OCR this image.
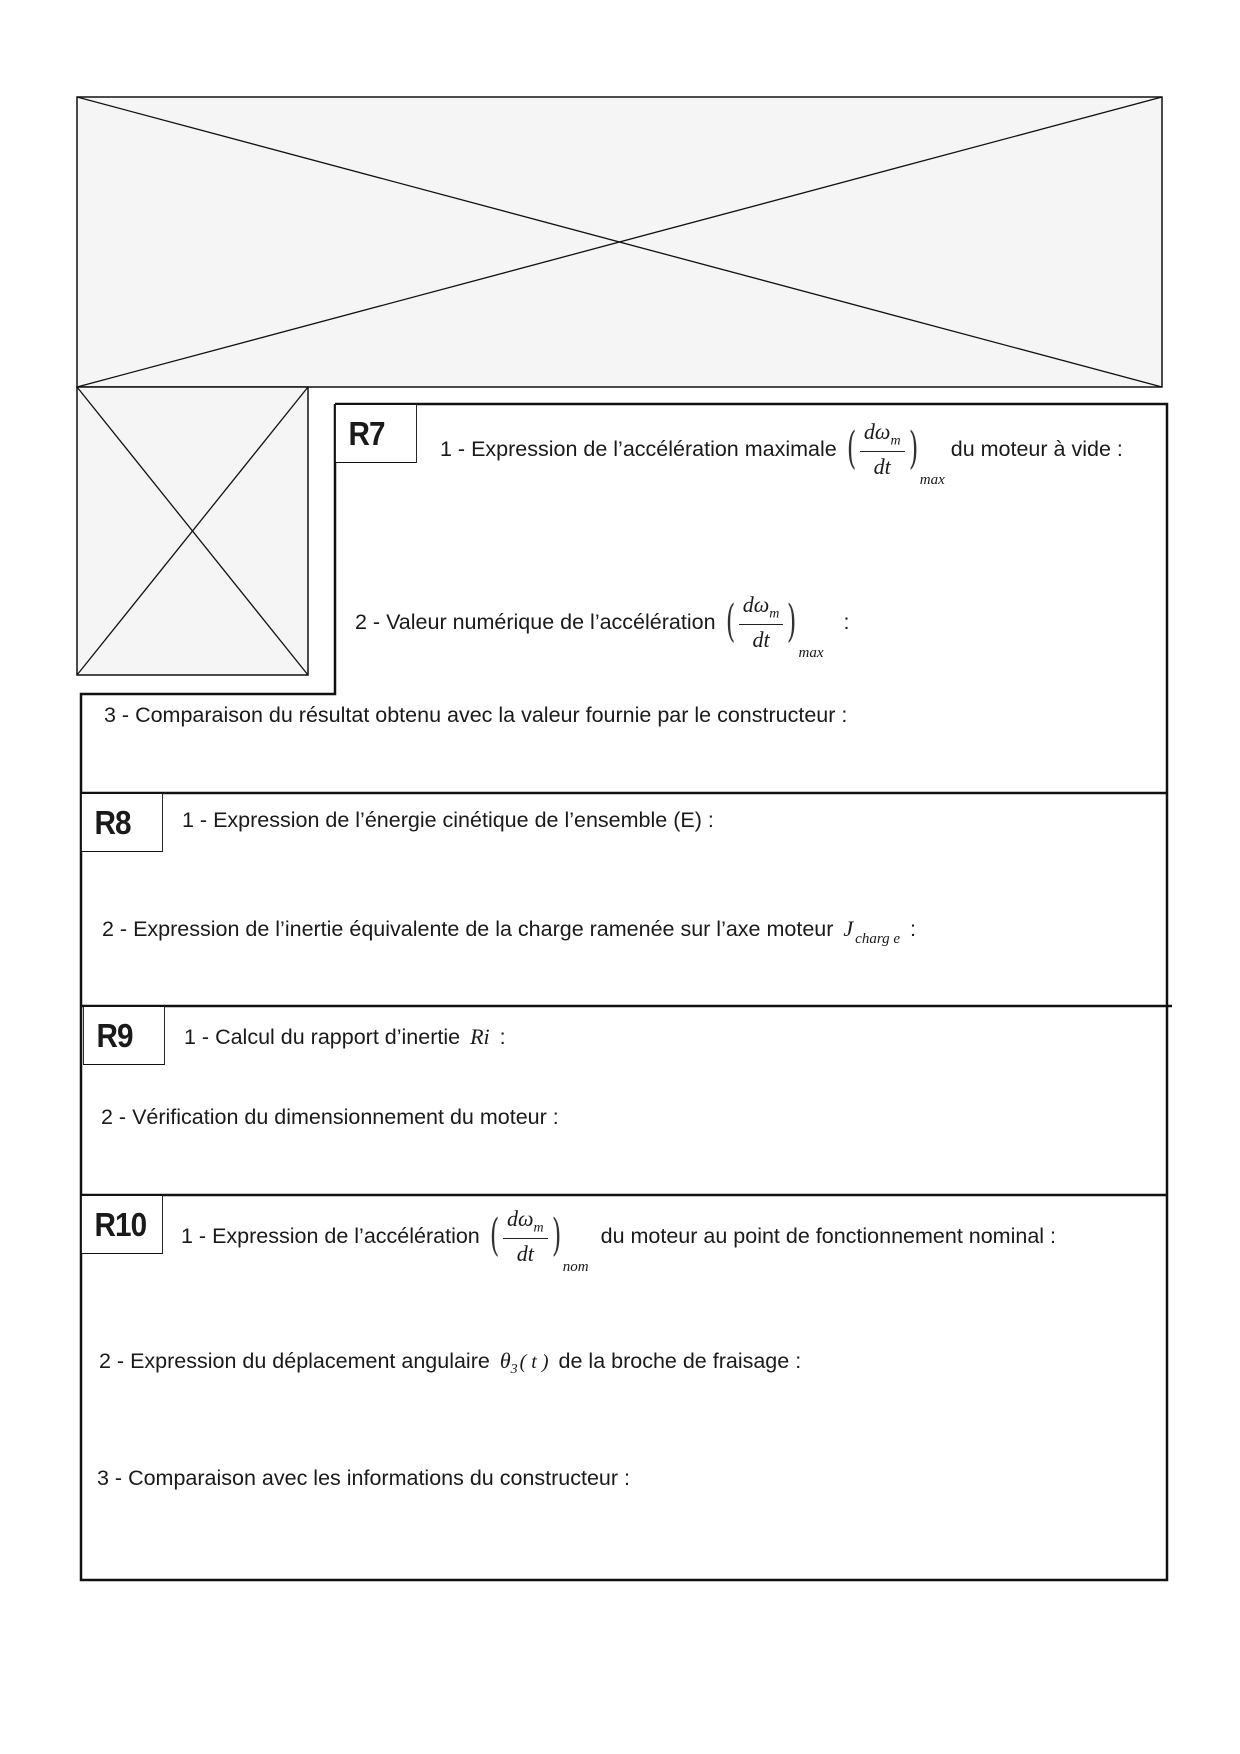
R7	1 - Expression de l’accélération maximale ( $\frac{d\omega_m}{dt}$ )
max
du moteur à vide :
2 - Valeur numérique de l’accélération ( $\frac{d\omega_m}{dt}$ )
max
:
3 - Comparaison du résultat obtenu avec la valeur fournie par le constructeur :
R8	1 - Expression de l’énergie cinétique de l’ensemble (E) :
2 - Expression de l’inertie équivalente de la charge ramenée sur l’axe moteur J charg e :
R9	1 - Calcul du rapport d’inertie Ri :
2 - Vérification du dimensionnement du moteur :
R10	1 - Expression de l’accélération ( $\frac{d\omega_m}{dt}$ )
nom
du moteur au point de fonctionnement nominal :
2 - Expression du déplacement angulaire θ 3 ( t ) de la broche de fraisage :
3 - Comparaison avec les informations du constructeur :
